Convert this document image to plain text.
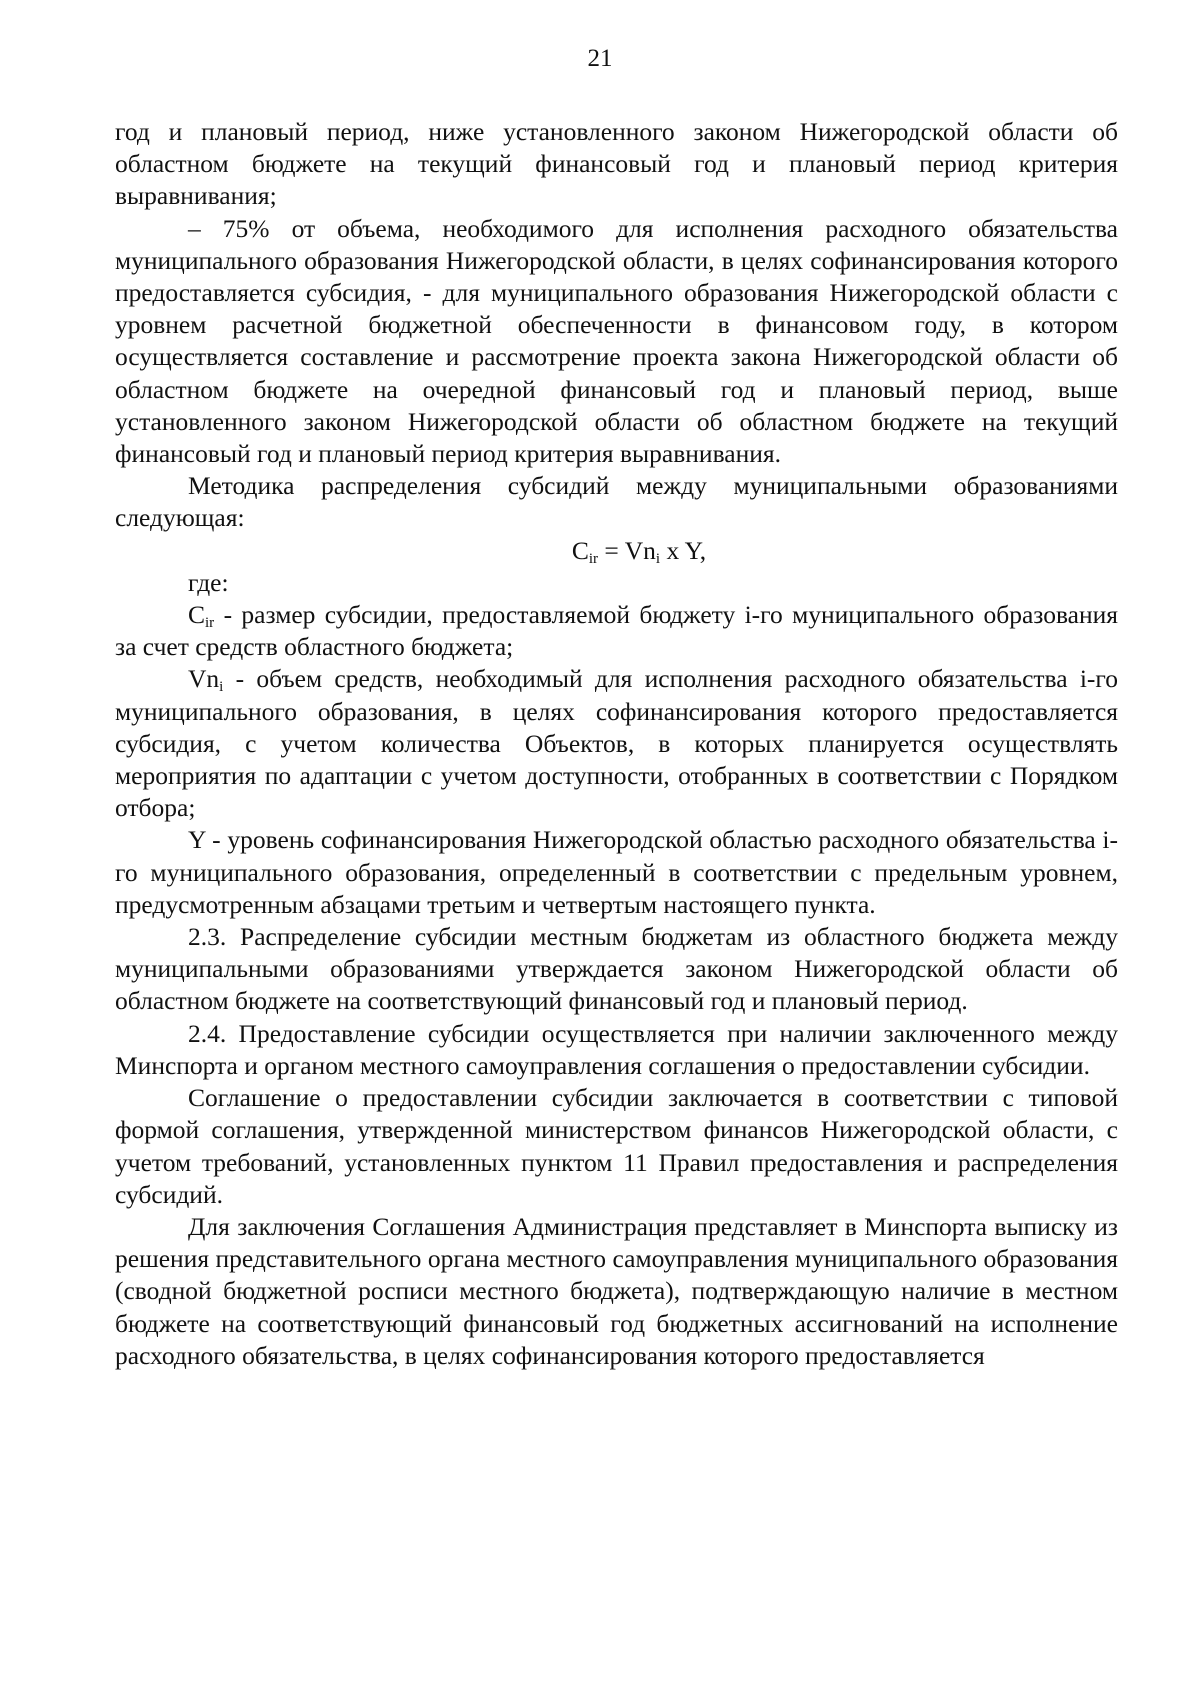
21

год и плановый период, ниже установленного законом Нижегородской области об областном бюджете на текущий финансовый год и плановый период критерия выравнивания;

– 75% от объема, необходимого для исполнения расходного обязательства муниципального образования Нижегородской области, в целях софинансирования которого предоставляется субсидия, - для муниципального образования Нижегородской области с уровнем расчетной бюджетной обеспеченности в финансовом году, в котором осуществляется составление и рассмотрение проекта закона Нижегородской области об областном бюджете на очередной финансовый год и плановый период, выше установленного законом Нижегородской области об областном бюджете на текущий финансовый год и плановый период критерия выравнивания.

Методика распределения субсидий между муниципальными образованиями следующая:

$C_{ir} = Vn_i$ x Y,

где:

$C_{ir}$ - размер субсидии, предоставляемой бюджету i-го муниципального образования за счет средств областного бюджета;

$Vn_i$ - объем средств, необходимый для исполнения расходного обязательства i-го муниципального образования, в целях софинансирования которого предоставляется субсидия, с учетом количества Объектов, в которых планируется осуществлять мероприятия по адаптации с учетом доступности, отобранных в соответствии с Порядком отбора;

Y - уровень софинансирования Нижегородской областью расходного обязательства i-го муниципального образования, определенный в соответствии с предельным уровнем, предусмотренным абзацами третьим и четвертым настоящего пункта.

2.3. Распределение субсидии местным бюджетам из областного бюджета между муниципальными образованиями утверждается законом Нижегородской области об областном бюджете на соответствующий финансовый год и плановый период.

2.4. Предоставление субсидии осуществляется при наличии заключенного между Минспорта и органом местного самоуправления соглашения о предоставлении субсидии.

Соглашение о предоставлении субсидии заключается в соответствии с типовой формой соглашения, утвержденной министерством финансов Нижегородской области, с учетом требований, установленных пунктом 11 Правил предоставления и распределения субсидий.

Для заключения Соглашения Администрация представляет в Минспорта выписку из решения представительного органа местного самоуправления муниципального образования (сводной бюджетной росписи местного бюджета), подтверждающую наличие в местном бюджете на соответствующий финансовый год бюджетных ассигнований на исполнение расходного обязательства, в целях софинансирования которого предоставляется
